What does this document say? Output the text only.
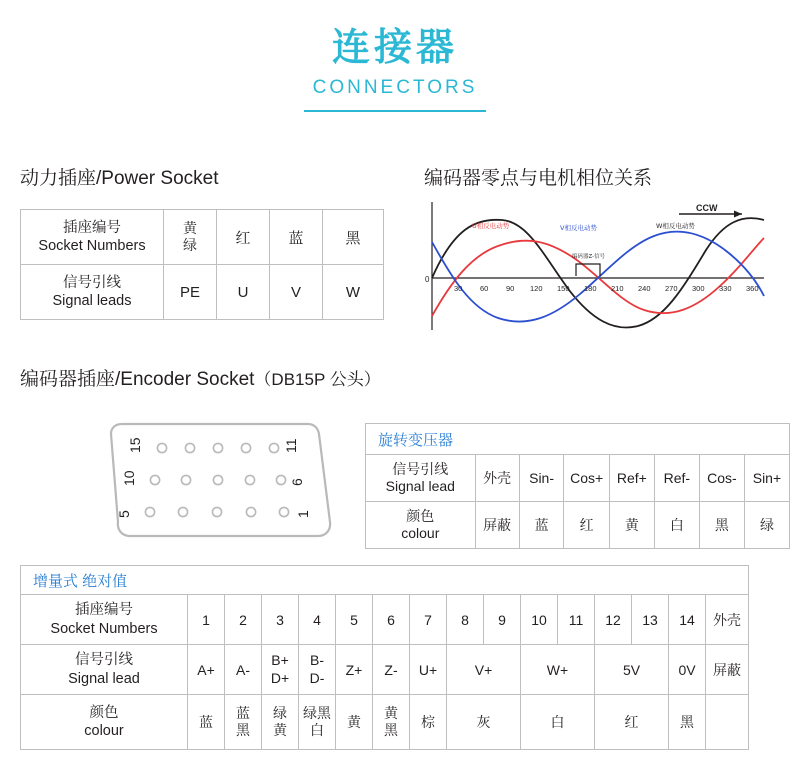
连接器
CONNECTORS
动力插座/Power Socket
插座编号
Socket Numbers	黄
绿	红	蓝	黑

信号引线
Signal leads	PE	U	V	W
编码器零点与电机相位关系
CCW
U相反电动势	V相反电动势	W相反电动势
编码器Z-信号
0
30 60 90 120 150 180 210 240 270 300 330 360
编码器插座/Encoder Socket（DB15P 公头）
15	11
10	6
5	1
旋转变压器							

信号引线
Signal lead	外壳	Sin-	Cos+	Ref+	Ref-	Cos-	Sin+

颜色
colour	屏蔽	蓝	红	黄	白	黑	绿
增量式 绝对值															

插座编号
Socket Numbers	1	2	3	4	5	6	7	8	9	10	11	12	13	14	外壳

信号引线
Signal lead	A+	A-	B+
D+	B-
D-	Z+	Z-	U+	V+		W+		5V		0V	屏蔽

颜色
colour	蓝	蓝
黑	绿
黄	绿黑
白	黄	黄
黑	棕	灰		白		红		黑	
